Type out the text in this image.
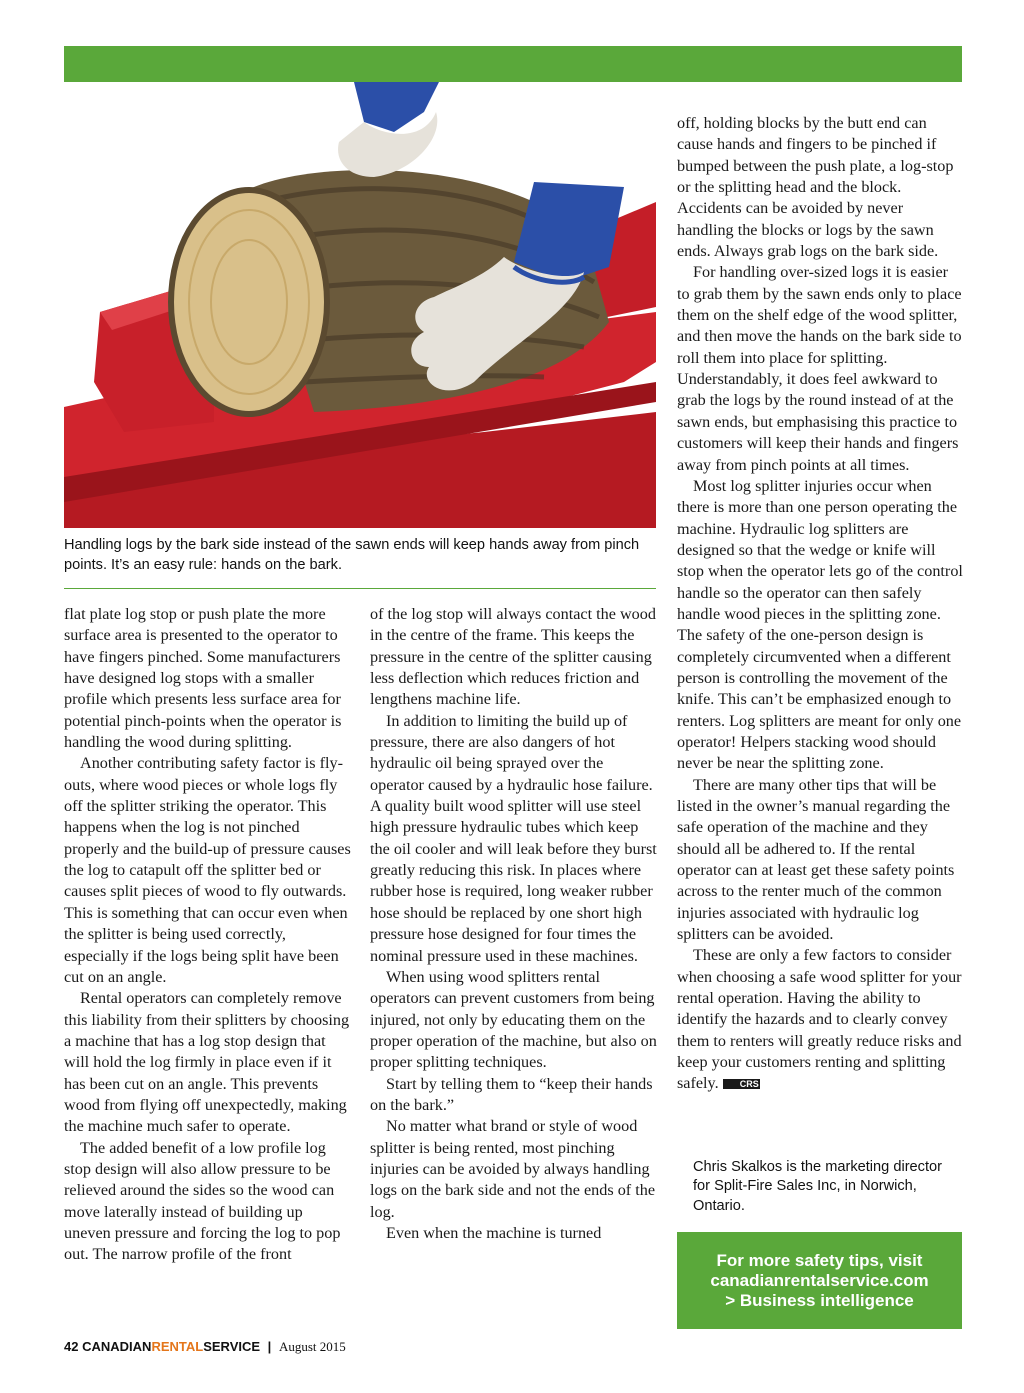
Handling logs by the bark side instead of the sawn ends will keep hands away from pinch points. It’s an easy rule: hands on the bark.

flat plate log stop or push plate the more surface area is presented to the operator to have fingers pinched. Some manufacturers have designed log stops with a smaller profile which presents less surface area for potential pinch-points when the operator is handling the wood during splitting.

Another contributing safety factor is fly-outs, where wood pieces or whole logs fly off the splitter striking the operator. This happens when the log is not pinched properly and the build-up of pressure causes the log to catapult off the splitter bed or causes split pieces of wood to fly outwards. This is something that can occur even when the splitter is being used correctly, especially if the logs being split have been cut on an angle.

Rental operators can completely remove this liability from their splitters by choosing a machine that has a log stop design that will hold the log firmly in place even if it has been cut on an angle. This prevents wood from flying off unexpectedly, making the machine much safer to operate.

The added benefit of a low profile log stop design will also allow pressure to be relieved around the sides so the wood can move laterally instead of building up uneven pressure and forcing the log to pop out. The narrow profile of the front

of the log stop will always contact the wood in the centre of the frame. This keeps the pressure in the centre of the splitter causing less deflection which reduces friction and lengthens machine life.

In addition to limiting the build up of pressure, there are also dangers of hot hydraulic oil being sprayed over the operator caused by a hydraulic hose failure. A quality built wood splitter will use steel high pressure hydraulic tubes which keep the oil cooler and will leak before they burst greatly reducing this risk. In places where rubber hose is required, long weaker rubber hose should be replaced by one short high pressure hose designed for four times the nominal pressure used in these machines.

When using wood splitters rental operators can prevent customers from being injured, not only by educating them on the proper operation of the machine, but also on proper splitting techniques.

Start by telling them to “keep their hands on the bark.”

No matter what brand or style of wood splitter is being rented, most pinching injuries can be avoided by always handling logs on the bark side and not the ends of the log.

Even when the machine is turned

off, holding blocks by the butt end can cause hands and fingers to be pinched if bumped between the push plate, a log-stop or the splitting head and the block. Accidents can be avoided by never handling the blocks or logs by the sawn ends. Always grab logs on the bark side.

For handling over-sized logs it is easier to grab them by the sawn ends only to place them on the shelf edge of the wood splitter, and then move the hands on the bark side to roll them into place for splitting. Understandably, it does feel awkward to grab the logs by the round instead of at the sawn ends, but emphasising this practice to customers will keep their hands and fingers away from pinch points at all times.

Most log splitter injuries occur when there is more than one person operating the machine. Hydraulic log splitters are designed so that the wedge or knife will stop when the operator lets go of the control handle so the operator can then safely handle wood pieces in the splitting zone. The safety of the one-person design is completely circumvented when a different person is controlling the movement of the knife. This can’t be emphasized enough to renters. Log splitters are meant for only one operator! Helpers stacking wood should never be near the splitting zone.

There are many other tips that will be listed in the owner’s manual regarding the safe operation of the machine and they should all be adhered to. If the rental operator can at least get these safety points across to the renter much of the common injuries associated with hydraulic log splitters can be avoided.

These are only a few factors to consider when choosing a safe wood splitter for your rental operation. Having the ability to identify the hazards and to clearly convey them to renters will greatly reduce risks and keep your customers renting and splitting safely. CRS

Chris Skalkos is the marketing director for Split-Fire Sales Inc, in Norwich, Ontario.
For more safety tips, visit
canadianrentalservice.com
> Business intelligence
42 CANADIANRENTALSERVICE | August 2015
